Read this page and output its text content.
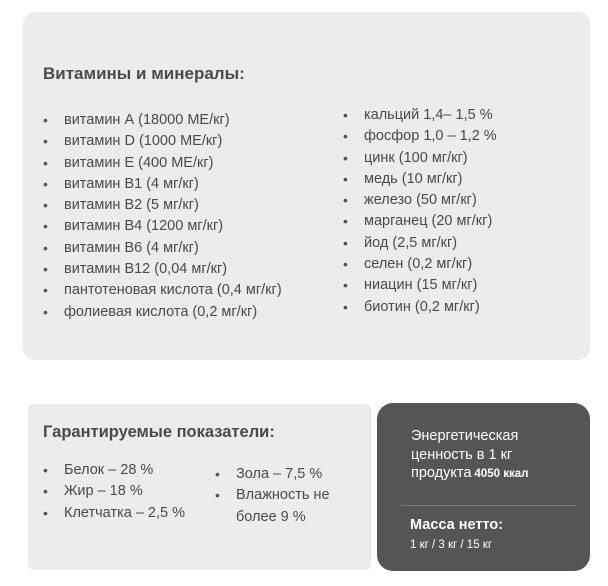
Витамины и минералы:
• витамин А (18000 МЕ/кг)
• витамин D (1000 МЕ/кг)
• витамин Е (400 МЕ/кг)
• витамин В1 (4 мг/кг)
• витамин В2 (5 мг/кг)
• витамин В4 (1200 мг/кг)
• витамин В6 (4 мг/кг)
• витамин В12 (0,04 мг/кг)
• пантотеновая кислота (0,4 мг/кг)
• фолиевая кислота (0,2 мг/кг)
• кальций 1,4– 1,5 %
• фосфор 1,0 – 1,2 %
• цинк (100 мг/кг)
• медь (10 мг/кг)
• железо (50 мг/кг)
• марганец (20 мг/кг)
• йод (2,5 мг/кг)
• селен (0,2 мг/кг)
• ниацин (15 мг/кг)
• биотин (0,2 мг/кг)
Гарантируемые показатели:
• Белок – 28 %
• Жир – 18 %
• Клетчатка – 2,5 %
• Зола – 7,5 %
• Влажность не
более 9 %
Энергетическая
ценность в 1 кг
продукта 4050 ккал
Масса нетто:
1 кг / 3 кг / 15 кг
